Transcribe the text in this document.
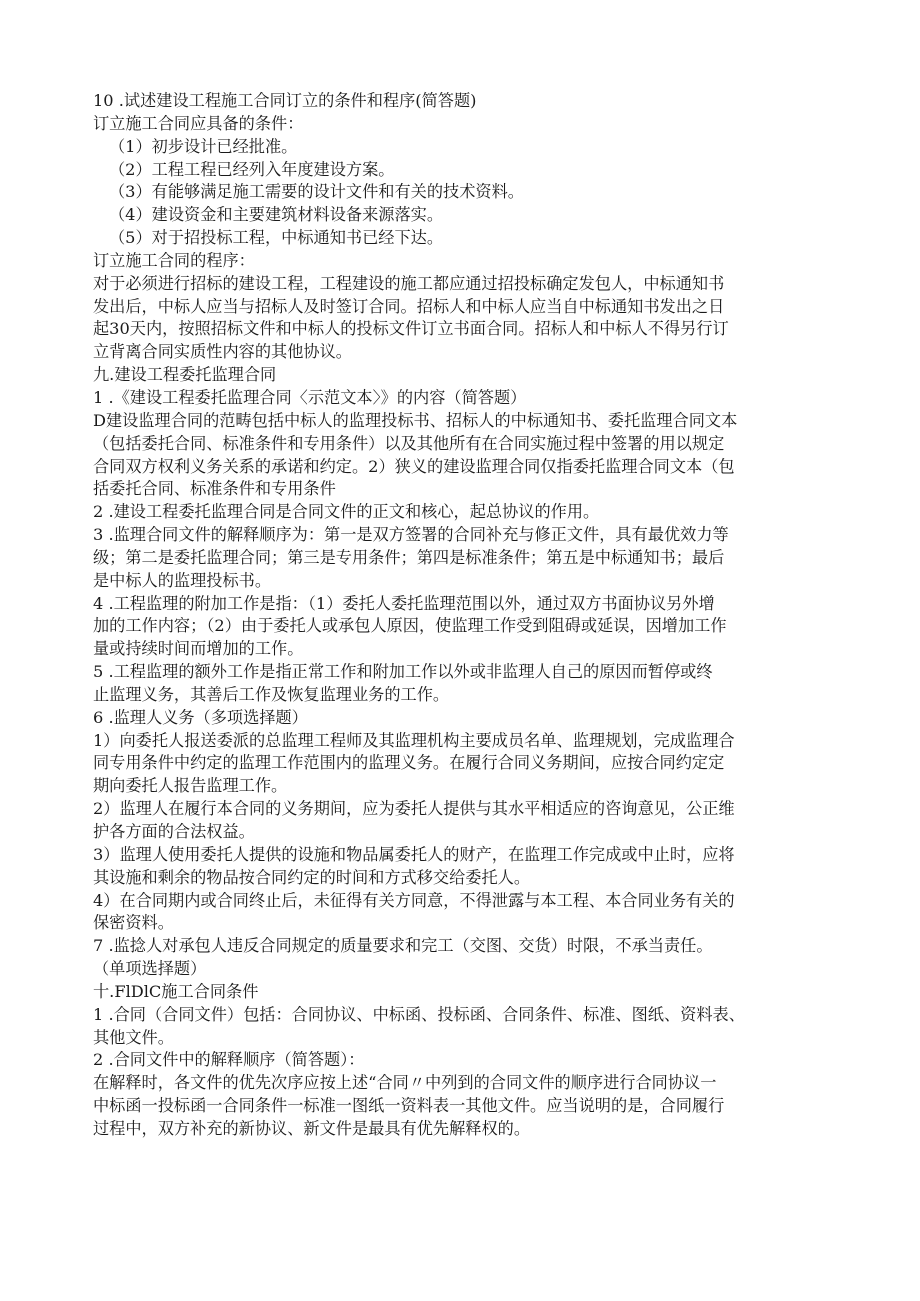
10 .试述建设工程施工合同订立的条件和程序(简答题)
订立施工合同应具备的条件：
（1）初步设计已经批准。
（2）工程工程已经列入年度建设方案。
（3）有能够满足施工需要的设计文件和有关的技术资料。
（4）建设资金和主要建筑材料设备来源落实。
（5）对于招投标工程，中标通知书已经下达。
订立施工合同的程序：
对于必须进行招标的建设工程，工程建设的施工都应通过招投标确定发包人，中标通知书
发出后，中标人应当与招标人及时签订合同。招标人和中标人应当自中标通知书发出之日
起30天内，按照招标文件和中标人的投标文件订立书面合同。招标人和中标人不得另行订
立背离合同实质性内容的其他协议。
九.建设工程委托监理合同
1 .《建设工程委托监理合同〈示范文本〉》的内容（简答题）
D建设监理合同的范畴包括中标人的监理投标书、招标人的中标通知书、委托监理合同文本
（包括委托合同、标准条件和专用条件）以及其他所有在合同实施过程中签署的用以规定
合同双方权利义务关系的承诺和约定。2）狭义的建设监理合同仅指委托监理合同文本（包
括委托合同、标准条件和专用条件
2 .建设工程委托监理合同是合同文件的正文和核心，起总协议的作用。
3 .监理合同文件的解释顺序为：第一是双方签署的合同补充与修正文件，具有最优效力等
级；第二是委托监理合同；第三是专用条件；第四是标准条件；第五是中标通知书；最后
是中标人的监理投标书。
4 .工程监理的附加工作是指：（1）委托人委托监理范围以外，通过双方书面协议另外增
加的工作内容；（2）由于委托人或承包人原因，使监理工作受到阻碍或延误，因增加工作
量或持续时间而增加的工作。
5 .工程监理的额外工作是指正常工作和附加工作以外或非监理人自己的原因而暂停或终
止监理义务，其善后工作及恢复监理业务的工作。
6 .监理人义务（多项选择题）
1）向委托人报送委派的总监理工程师及其监理机构主要成员名单、监理规划，完成监理合
同专用条件中约定的监理工作范围内的监理义务。在履行合同义务期间，应按合同约定定
期向委托人报告监理工作。
2）监理人在履行本合同的义务期间，应为委托人提供与其水平相适应的咨询意见，公正维
护各方面的合法权益。
3）监理人使用委托人提供的设施和物品属委托人的财产，在监理工作完成或中止时，应将
其设施和剩余的物品按合同约定的时间和方式移交给委托人。
4）在合同期内或合同终止后，未征得有关方同意，不得泄露与本工程、本合同业务有关的
保密资料。
7 .监捻人对承包人违反合同规定的质量要求和完工（交图、交货）时限，不承当责任。
（单项选择题）
十.FlDlC施工合同条件
1 .合同（合同文件）包括：合同协议、中标函、投标函、合同条件、标准、图纸、资料表、
其他文件。
2 .合同文件中的解释顺序（简答题）：
在解释时，各文件的优先次序应按上述“合同〃中列到的合同文件的顺序进行合同协议一
中标函一投标函一合同条件一标准一图纸一资料表一其他文件。应当说明的是，合同履行
过程中，双方补充的新协议、新文件是最具有优先解释权的。
